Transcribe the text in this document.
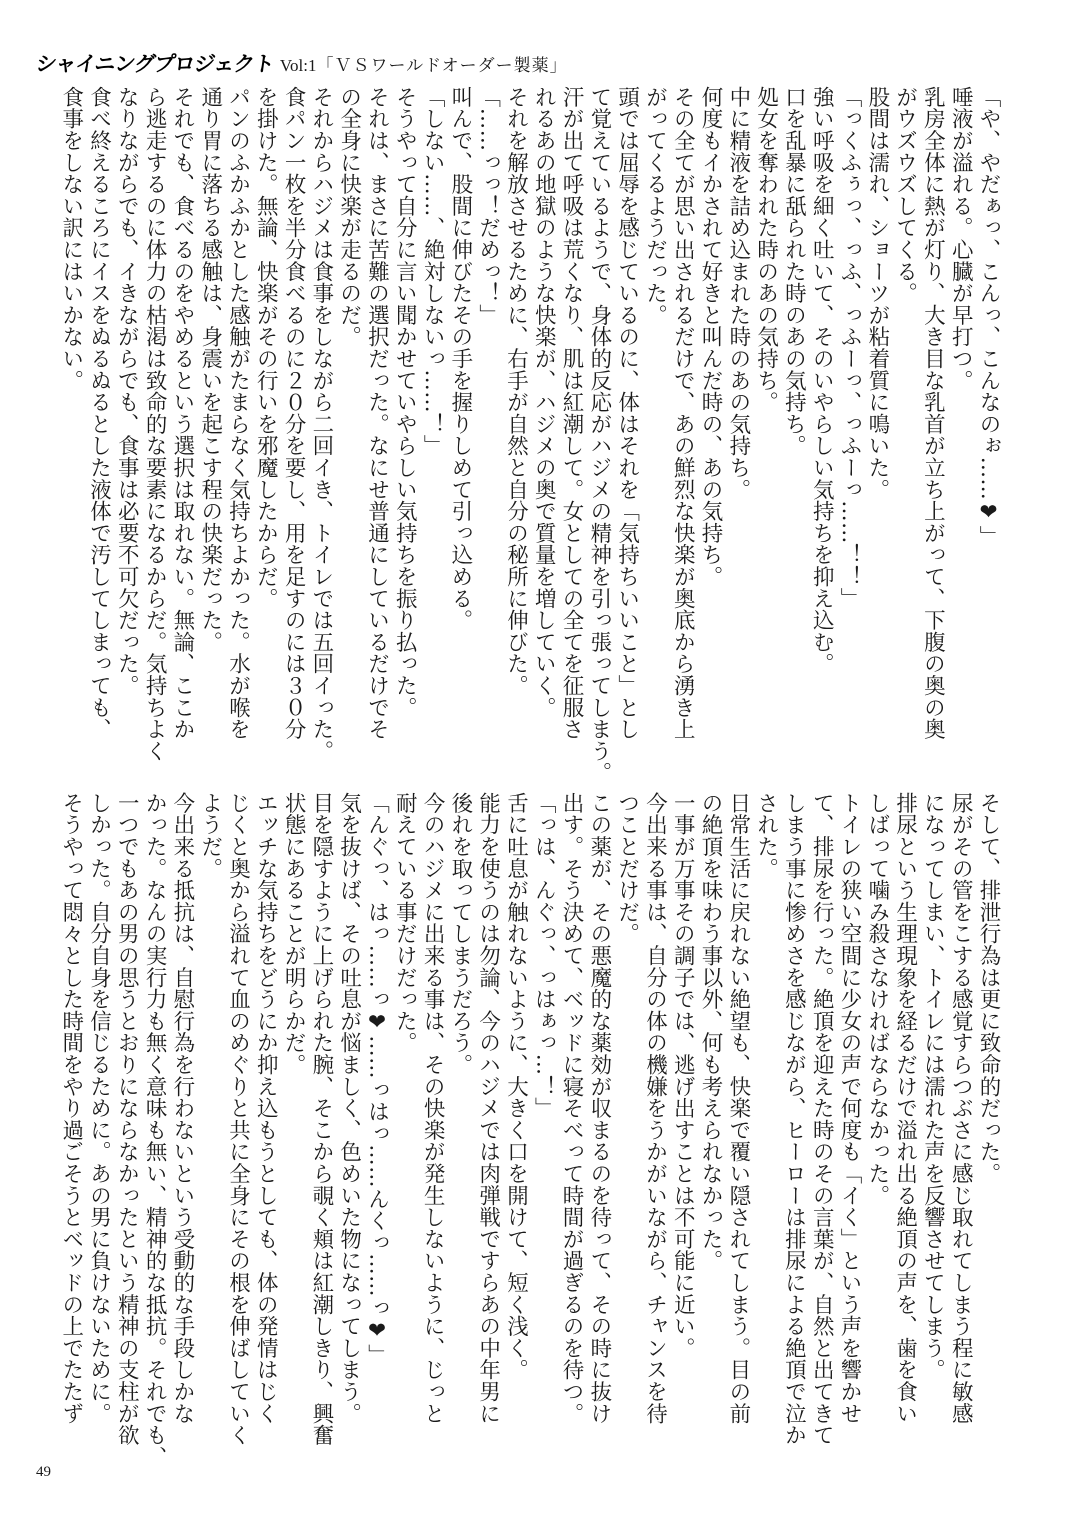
シャイニングプロジェクト Vol:1 「ＶＳワールドオーダー製薬」
「や、やだぁっ、こんっ、こんなのぉ……❤」
唾液が溢れる。心臓が早打つ。
乳房全体に熱が灯り、大き目な乳首が立ち上がって、下腹の奥の奥
がウズウズしてくる。
股間は濡れ、ショーツが粘着質に鳴いた。
「っくふぅっ、っふ、っふーっ、っふーっ……！！」
強い呼吸を細く吐いて、そのいやらしい気持ちを抑え込む。
口を乱暴に舐られた時のあの気持ち。
処女を奪われた時のあの気持ち。
中に精液を詰め込まれた時のあの気持ち。
何度もイかされて好きと叫んだ時の、あの気持ち。
その全てが思い出されるだけで、あの鮮烈な快楽が奥底から湧き上
がってくるようだった。
頭では屈辱を感じているのに、体はそれを「気持ちいいこと」とし
て覚えているようで、身体的反応がハジメの精神を引っ張ってしまう。
汗が出て呼吸は荒くなり、肌は紅潮して。女としての全てを征服さ
れるあの地獄のような快楽が、ハジメの奥で質量を増していく。
それを解放させるために、右手が自然と自分の秘所に伸びた。
「……っっ！だめっ！」
叫んで、股間に伸びたその手を握りしめて引っ込める。
「しない……、絶対しないっ……！」
そうやって自分に言い聞かせていやらしい気持ちを振り払った。
それは、まさに苦難の選択だった。なにせ普通にしているだけでそ
の全身に快楽が走るのだ。
それからハジメは食事をしながら二回イき、トイレでは五回イった。
食パン一枚を半分食べるのに２０分を要し、用を足すのには３０分
を掛けた。無論、快楽がその行いを邪魔したからだ。
パンのふかふかとした感触がたまらなく気持ちよかった。水が喉を
通り胃に落ちる感触は、身震いを起こす程の快楽だった。
それでも、食べるのをやめるという選択は取れない。無論、ここか
ら逃走するのに体力の枯渇は致命的な要素になるからだ。気持ちよく
なりながらでも、イきながらでも、食事は必要不可欠だった。
食べ終えるころにイスをぬるぬるとした液体で汚してしまっても、
食事をしない訳にはいかない。
そして、排泄行為は更に致命的だった。
尿がその管をこする感覚すらつぶさに感じ取れてしまう程に敏感
になってしまい、トイレには濡れた声を反響させてしまう。
排尿という生理現象を経るだけで溢れ出る絶頂の声を、歯を食い
しばって噛み殺さなければならなかった。
トイレの狭い空間に少女の声で何度も「イく」という声を響かせ
て、排尿を行った。絶頂を迎えた時のその言葉が、自然と出てきて
しまう事に惨めさを感じながら、ヒーローは排尿による絶頂で泣か
された。
日常生活に戻れない絶望も、快楽で覆い隠されてしまう。目の前
の絶頂を味わう事以外、何も考えられなかった。
一事が万事その調子では、逃げ出すことは不可能に近い。
今出来る事は、自分の体の機嫌をうかがいながら、チャンスを待
つことだけだ。
この薬が、その悪魔的な薬効が収まるのを待って、その時に抜け
出す。そう決めて、ベッドに寝そべって時間が過ぎるのを待つ。
「っは、んぐっ、っはぁっ…！」
舌に吐息が触れないように、大きく口を開けて、短く浅く。
能力を使うのは勿論、今のハジメでは肉弾戦ですらあの中年男に
後れを取ってしまうだろう。
今のハジメに出来る事は、その快楽が発生しないように、じっと
耐えている事だけだった。
「んぐっ、はっ……っ❤……っはっ……んくっ……っ❤」
気を抜けば、その吐息が悩ましく、色めいた物になってしまう。
目を隠すように上げられた腕、そこから覗く頬は紅潮しきり、興奮
状態にあることが明らかだ。
エッチな気持ちをどうにか抑え込もうとしても、体の発情はじく
じくと奥から溢れて血のめぐりと共に全身にその根を伸ばしていく
ようだ。
今出来る抵抗は、自慰行為を行わないという受動的な手段しかな
かった。なんの実行力も無く意味も無い、精神的な抵抗。それでも、
一つでもあの男の思うとおりにならなかったという精神の支柱が欲
しかった。自分自身を信じるために。あの男に負けないために。
そうやって悶々とした時間をやり過ごそうとベッドの上でたたず
49
